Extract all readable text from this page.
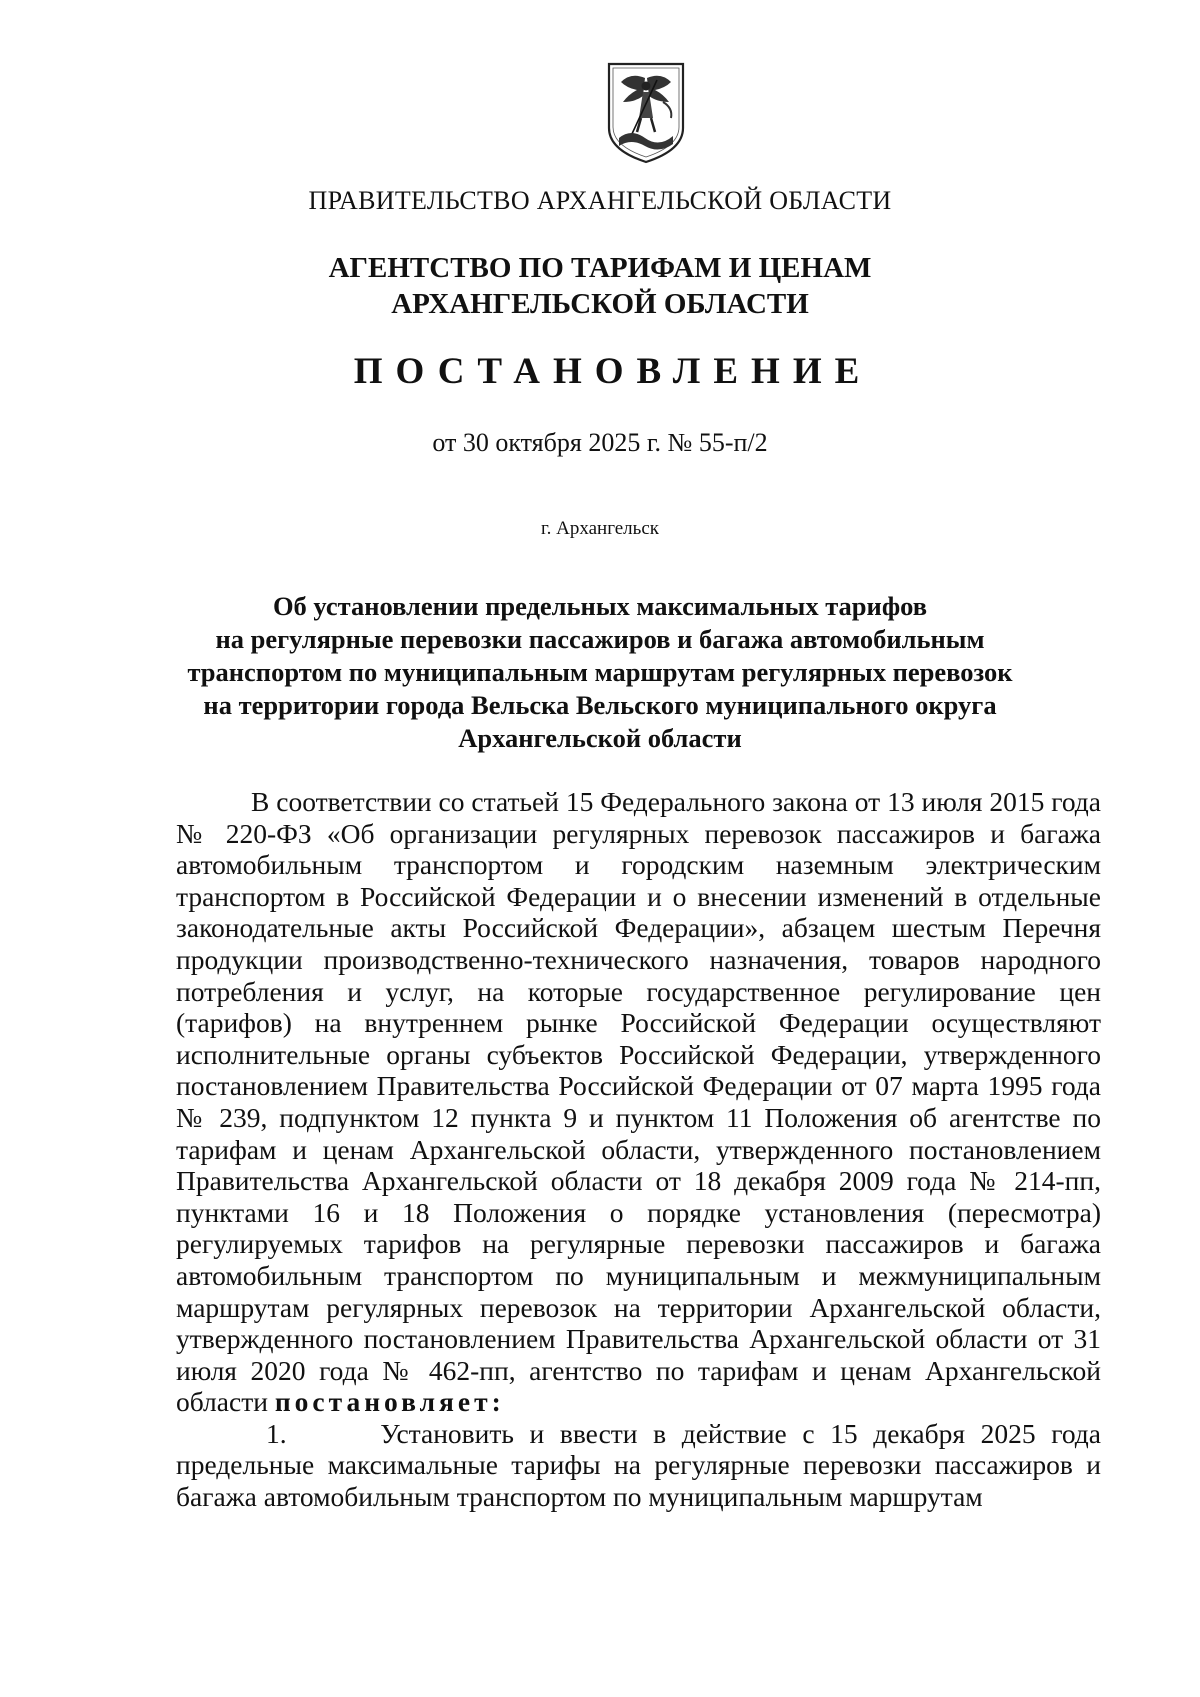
ПРАВИТЕЛЬСТВО АРХАНГЕЛЬСКОЙ ОБЛАСТИ
АГЕНТСТВО ПО ТАРИФАМ И ЦЕНАМ
АРХАНГЕЛЬСКОЙ ОБЛАСТИ
ПОСТАНОВЛЕНИЕ
от 30 октября 2025 г. № 55-п/2
г. Архангельск
Об установлении предельных максимальных тарифов
на регулярные перевозки пассажиров и багажа автомобильным
транспортом по муниципальным маршрутам регулярных перевозок
на территории города Вельска Вельского муниципального округа
Архангельской области

В соответствии со статьей 15 Федерального закона от 13 июля 2015 года № 220-ФЗ «Об организации регулярных перевозок пассажиров и багажа автомобильным транспортом и городским наземным электрическим транспортом в Российской Федерации и о внесении изменений в отдельные законодательные акты Российской Федерации», абзацем шестым Перечня продукции производственно-технического назначения, товаров народного потребления и услуг, на которые государственное регулирование цен (тарифов) на внутреннем рынке Российской Федерации осуществляют исполнительные органы субъектов Российской Федерации, утвержденного постановлением Правительства Российской Федерации от 07 марта 1995 года № 239, подпунктом 12 пункта 9 и пунктом 11 Положения об агентстве по тарифам и ценам Архангельской области, утвержденного постановлением Правительства Архангельской области от 18 декабря 2009 года № 214-пп, пунктами 16 и 18 Положения о порядке установления (пересмотра) регулируемых тарифов на регулярные перевозки пассажиров и багажа автомобильным транспортом по муниципальным и межмуниципальным маршрутам регулярных перевозок на территории Архангельской области, утвержденного постановлением Правительства Архангельской области от 31 июля 2020 года № 462-пп, агентство по тарифам и ценам Архангельской области постановляет:

1.	Установить и ввести в действие с 15 декабря 2025 года предельные максимальные тарифы на регулярные перевозки пассажиров и багажа автомобильным транспортом по муниципальным маршрутам
